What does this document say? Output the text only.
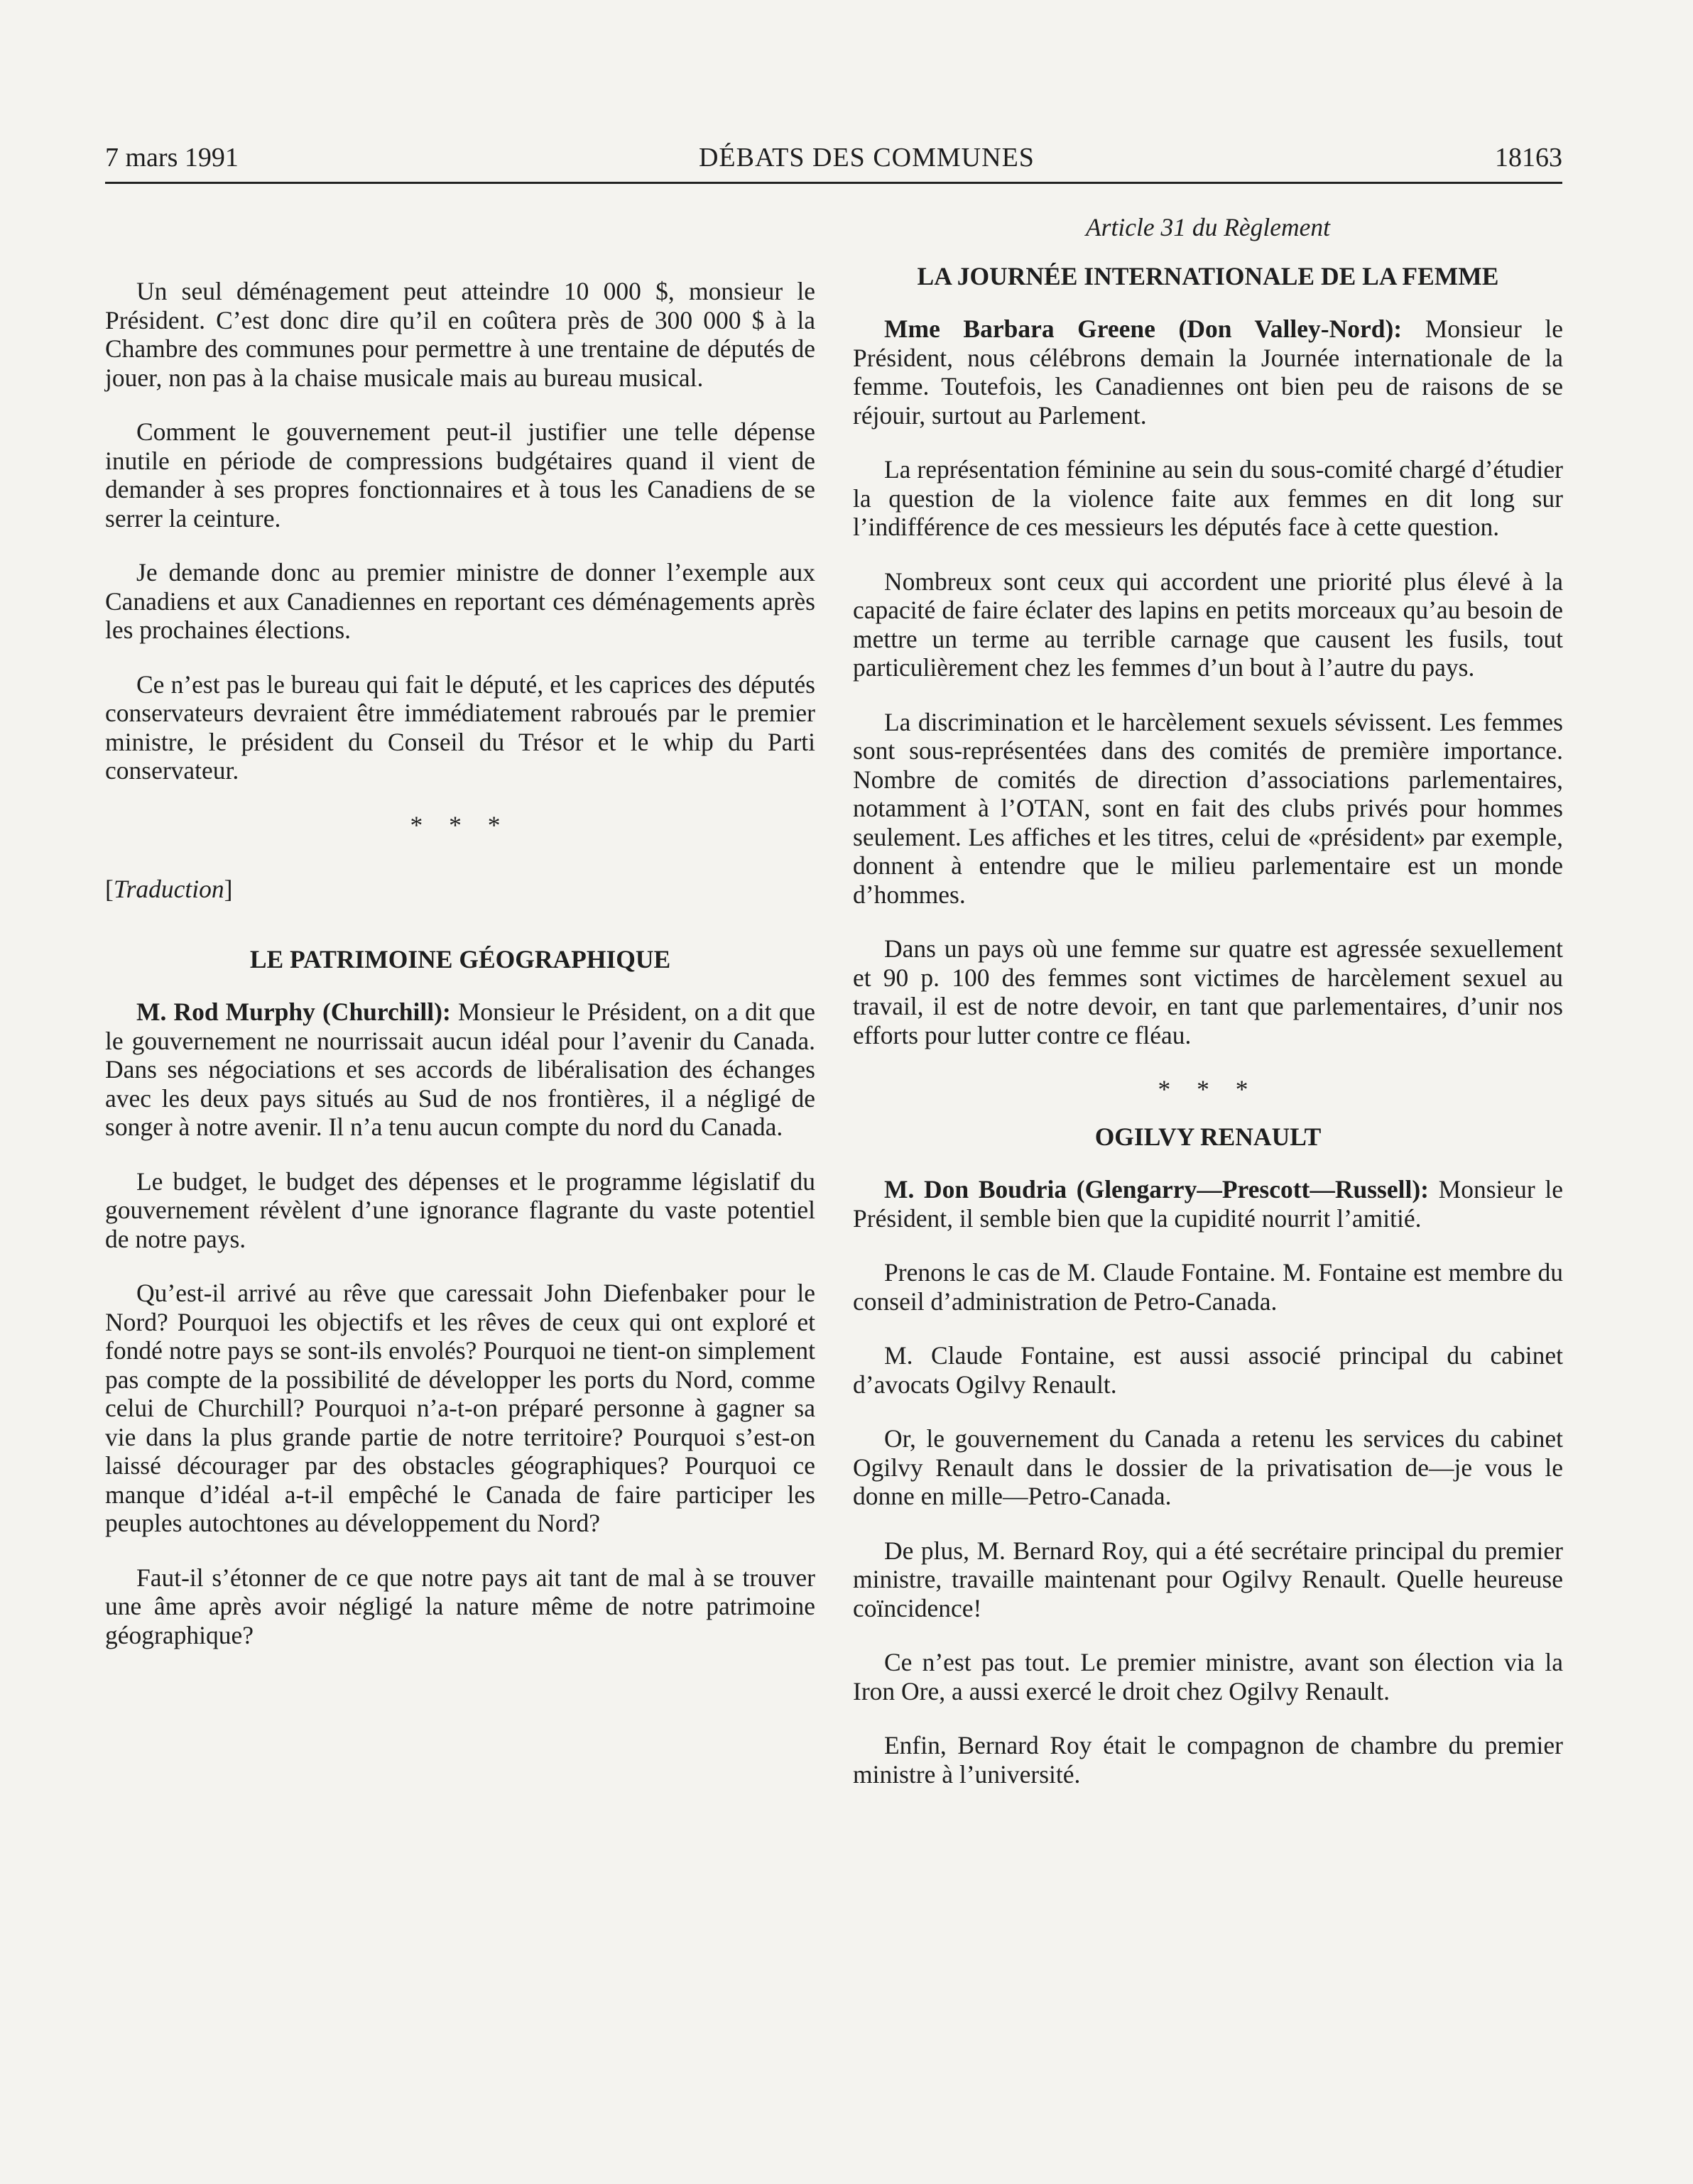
7 mars 1991	DÉBATS DES COMMUNES	18163

Un seul déménagement peut atteindre 10 000 $, monsieur le Président. C’est donc dire qu’il en coûtera près de 300 000 $ à la Chambre des communes pour permettre à une trentaine de députés de jouer, non pas à la chaise musicale mais au bureau musical.

Comment le gouvernement peut-il justifier une telle dépense inutile en période de compressions budgétaires quand il vient de demander à ses propres fonctionnaires et à tous les Canadiens de se serrer la ceinture.

Je demande donc au premier ministre de donner l’exemple aux Canadiens et aux Canadiennes en reportant ces déménagements après les prochaines élections.

Ce n’est pas le bureau qui fait le député, et les caprices des députés conservateurs devraient être immédiatement rabroués par le premier ministre, le président du Conseil du Trésor et le whip du Parti conservateur.

* * *

[Traduction]

LE PATRIMOINE GÉOGRAPHIQUE

M. Rod Murphy (Churchill): Monsieur le Président, on a dit que le gouvernement ne nourrissait aucun idéal pour l’avenir du Canada. Dans ses négociations et ses accords de libéralisation des échanges avec les deux pays situés au Sud de nos frontières, il a négligé de songer à notre avenir. Il n’a tenu aucun compte du nord du Canada.

Le budget, le budget des dépenses et le programme législatif du gouvernement révèlent d’une ignorance flagrante du vaste potentiel de notre pays.

Qu’est-il arrivé au rêve que caressait John Diefenbaker pour le Nord? Pourquoi les objectifs et les rêves de ceux qui ont exploré et fondé notre pays se sont-ils envolés? Pourquoi ne tient-on simplement pas compte de la possibilité de développer les ports du Nord, comme celui de Churchill? Pourquoi n’a-t-on préparé personne à gagner sa vie dans la plus grande partie de notre territoire? Pourquoi s’est-on laissé décourager par des obstacles géographiques? Pourquoi ce manque d’idéal a-t-il empêché le Canada de faire participer les peuples autochtones au développement du Nord?

Faut-il s’étonner de ce que notre pays ait tant de mal à se trouver une âme après avoir négligé la nature même de notre patrimoine géographique?

Article 31 du Règlement

LA JOURNÉE INTERNATIONALE DE LA FEMME

Mme Barbara Greene (Don Valley-Nord): Monsieur le Président, nous célébrons demain la Journée internationale de la femme. Toutefois, les Canadiennes ont bien peu de raisons de se réjouir, surtout au Parlement.

La représentation féminine au sein du sous-comité chargé d’étudier la question de la violence faite aux femmes en dit long sur l’indifférence de ces messieurs les députés face à cette question.

Nombreux sont ceux qui accordent une priorité plus élevé à la capacité de faire éclater des lapins en petits morceaux qu’au besoin de mettre un terme au terrible carnage que causent les fusils, tout particulièrement chez les femmes d’un bout à l’autre du pays.

La discrimination et le harcèlement sexuels sévissent. Les femmes sont sous-représentées dans des comités de première importance. Nombre de comités de direction d’associations parlementaires, notamment à l’OTAN, sont en fait des clubs privés pour hommes seulement. Les affiches et les titres, celui de «président» par exemple, donnent à entendre que le milieu parlementaire est un monde d’hommes.

Dans un pays où une femme sur quatre est agressée sexuellement et 90 p. 100 des femmes sont victimes de harcèlement sexuel au travail, il est de notre devoir, en tant que parlementaires, d’unir nos efforts pour lutter contre ce fléau.

* * *

OGILVY RENAULT

M. Don Boudria (Glengarry—Prescott—Russell): Monsieur le Président, il semble bien que la cupidité nourrit l’amitié.

Prenons le cas de M. Claude Fontaine. M. Fontaine est membre du conseil d’administration de Petro-Canada.

M. Claude Fontaine, est aussi associé principal du cabinet d’avocats Ogilvy Renault.

Or, le gouvernement du Canada a retenu les services du cabinet Ogilvy Renault dans le dossier de la privatisation de—je vous le donne en mille—Petro-Canada.

De plus, M. Bernard Roy, qui a été secrétaire principal du premier ministre, travaille maintenant pour Ogilvy Renault. Quelle heureuse coïncidence!

Ce n’est pas tout. Le premier ministre, avant son élection via la Iron Ore, a aussi exercé le droit chez Ogilvy Renault.

Enfin, Bernard Roy était le compagnon de chambre du premier ministre à l’université.
